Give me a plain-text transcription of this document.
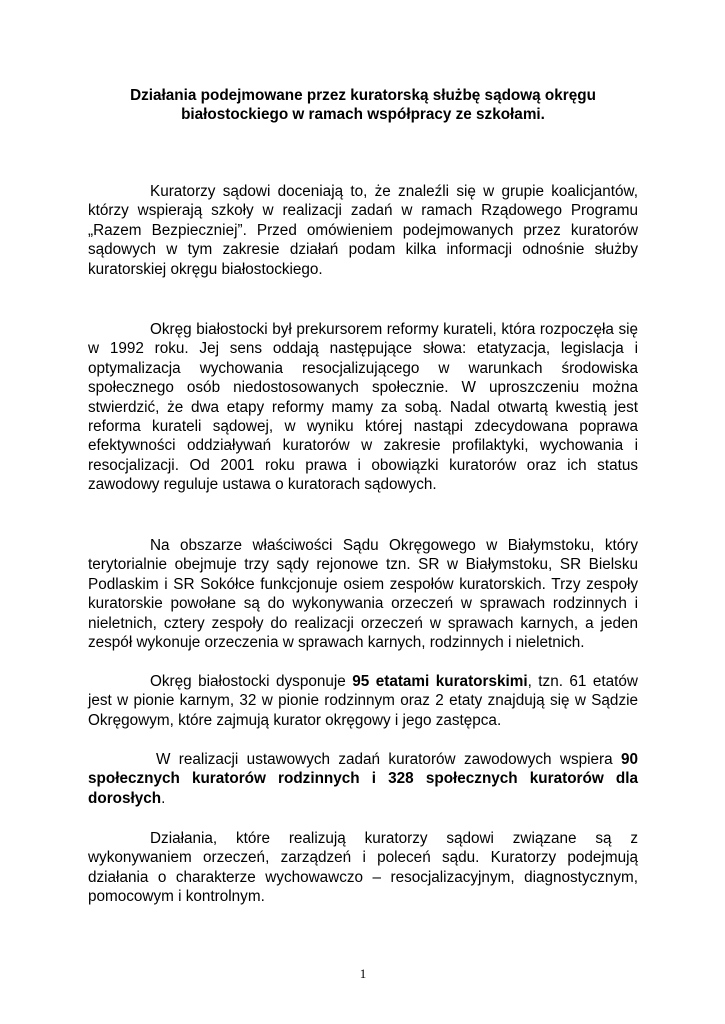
Działania podejmowane przez kuratorską służbę sądową okręgu
białostockiego w ramach współpracy ze szkołami.

Kuratorzy sądowi doceniają to, że znaleźli się w grupie koalicjantów, którzy wspierają szkoły w realizacji zadań w ramach Rządowego Programu „Razem Bezpieczniej”. Przed omówieniem podejmowanych przez kuratorów sądowych w tym zakresie działań podam kilka informacji odnośnie służby kuratorskiej okręgu białostockiego.

Okręg białostocki był prekursorem reformy kurateli, która rozpoczęła się w 1992 roku. Jej sens oddają następujące słowa: etatyzacja, legislacja i optymalizacja wychowania resocjalizującego w warunkach środowiska społecznego osób niedostosowanych społecznie. W uproszczeniu można stwierdzić, że dwa etapy reformy mamy za sobą. Nadal otwartą kwestią jest reforma kurateli sądowej, w wyniku której nastąpi zdecydowana poprawa efektywności oddziaływań kuratorów w zakresie profilaktyki, wychowania i resocjalizacji. Od 2001 roku prawa i obowiązki kuratorów oraz ich status zawodowy reguluje ustawa o kuratorach sądowych.

Na obszarze właściwości Sądu Okręgowego w Białymstoku, który terytorialnie obejmuje trzy sądy rejonowe tzn. SR w Białymstoku, SR Bielsku Podlaskim i SR Sokółce funkcjonuje osiem zespołów kuratorskich. Trzy zespoły kuratorskie powołane są do wykonywania orzeczeń w sprawach rodzinnych i nieletnich, cztery zespoły do realizacji orzeczeń w sprawach karnych, a jeden zespół wykonuje orzeczenia w sprawach karnych, rodzinnych i nieletnich.

Okręg białostocki dysponuje 95 etatami kuratorskimi, tzn. 61 etatów jest w pionie karnym, 32 w pionie rodzinnym oraz 2 etaty znajdują się w Sądzie Okręgowym, które zajmują kurator okręgowy i jego zastępca.

W realizacji ustawowych zadań kuratorów zawodowych wspiera 90 społecznych kuratorów rodzinnych i 328 społecznych kuratorów dla dorosłych.

Działania, które realizują kuratorzy sądowi związane są z wykonywaniem orzeczeń, zarządzeń i poleceń sądu. Kuratorzy podejmują działania o charakterze wychowawczo – resocjalizacyjnym, diagnostycznym, pomocowym i kontrolnym.

1
